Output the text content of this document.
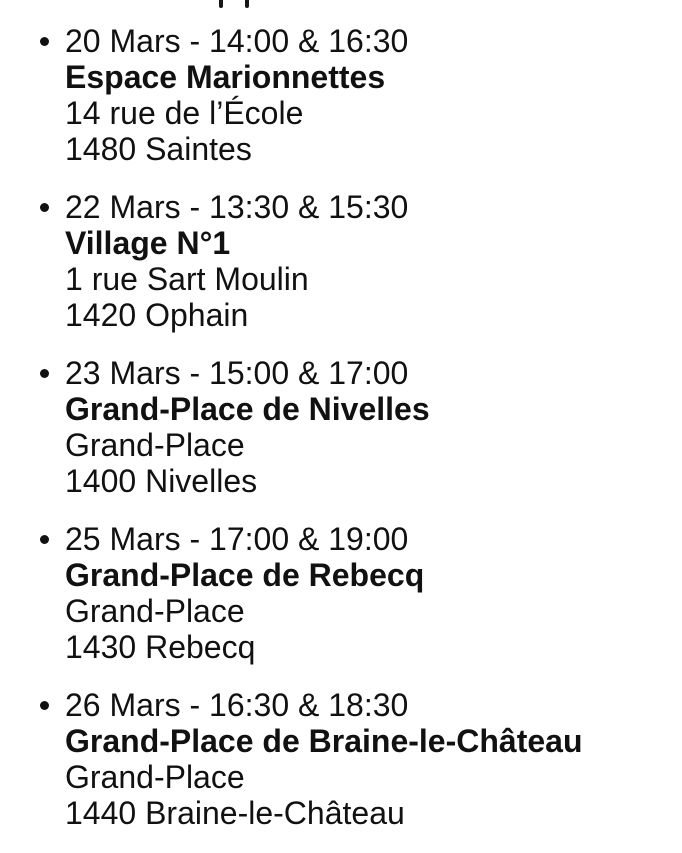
20 Mars - 14:00 & 16:30
Espace Marionnettes
14 rue de l’École
1480 Saintes
22 Mars - 13:30 & 15:30
Village N°1
1 rue Sart Moulin
1420 Ophain
23 Mars - 15:00 & 17:00
Grand-Place de Nivelles
Grand-Place
1400 Nivelles
25 Mars - 17:00 & 19:00
Grand-Place de Rebecq
Grand-Place
1430 Rebecq
26 Mars - 16:30 & 18:30
Grand-Place de Braine-le-Château
Grand-Place
1440 Braine-le-Château
